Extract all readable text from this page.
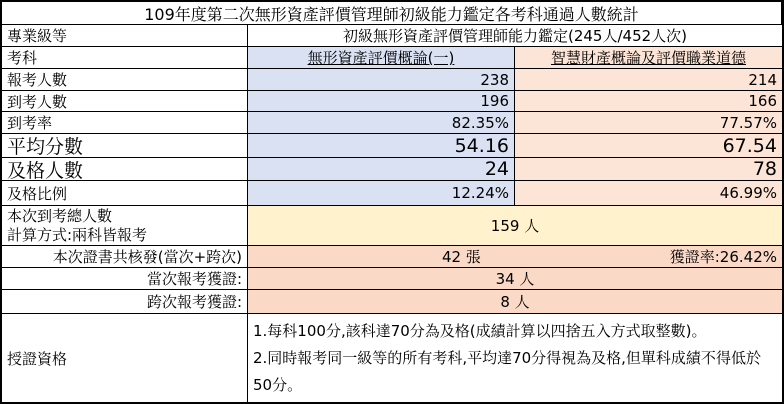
109年度第二次無形資產評價管理師初級能力鑑定各考科通過人數統計
專業級等	初級無形資產評價管理師能力鑑定(245人/452人次)
考科	無形資產評價概論(一)	智慧財產概論及評價職業道德
報考人數	238	214
到考人數	196	166
到考率	82.35%	77.57%
平均分數	54.16	67.54
及格人數	24	78
及格比例	12.24%	46.99%
本次到考總人數
計算方式:兩科皆報考	159 人
本次證書共核發(當次+跨次)	42 張	獲證率:26.42%
當次報考獲證:	34 人
跨次報考獲證:	8 人
授證資格
1.每科100分,該科達70分為及格(成績計算以四捨五入方式取整數)。
2.同時報考同一級等的所有考科,平均達70分得視為及格,但單科成績不得低於50分。
